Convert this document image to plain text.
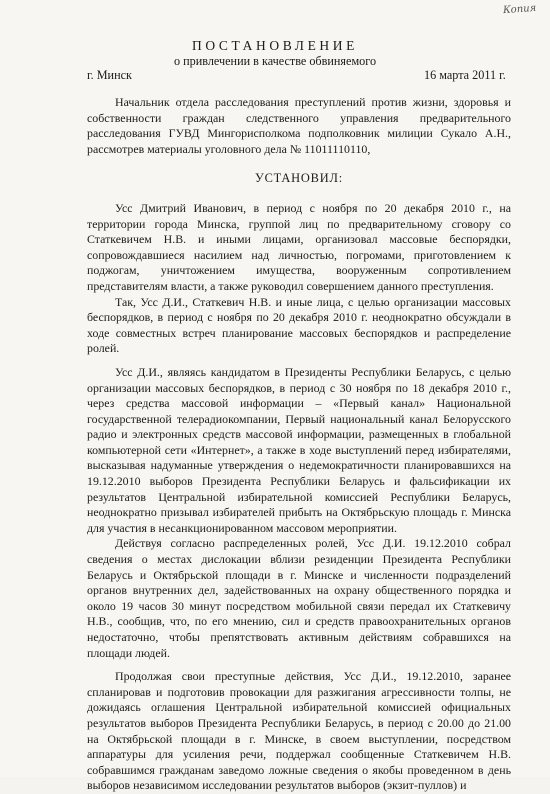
Копия
ПОСТАНОВЛЕНИЕ
о привлечении в качестве обвиняемого
г. Минск	16 марта 2011 г.

Начальник отдела расследования преступлений против жизни, здоровья и собственности граждан следственного управления предварительного расследования ГУВД Мингорисполкома подполковник милиции Сукало А.Н., рассмотрев материалы уголовного дела № 11011110110,

УСТАНОВИЛ:

Усс Дмитрий Иванович, в период с ноября по 20 декабря 2010 г., на территории города Минска, группой лиц по предварительному сговору со Статкевичем Н.В. и иными лицами, организовал массовые беспорядки, сопровождавшиеся насилием над личностью, погромами, приготовлением к поджогам, уничтожением имущества, вооруженным сопротивлением представителям власти, а также руководил совершением данного преступления.

Так, Усс Д.И., Статкевич Н.В. и иные лица, с целью организации массовых беспорядков, в период с ноября по 20 декабря 2010 г. неоднократно обсуждали в ходе совместных встреч планирование массовых беспорядков и распределение ролей.

Усс Д.И., являясь кандидатом в Президенты Республики Беларусь, с целью организации массовых беспорядков, в период с 30 ноября по 18 декабря 2010 г., через средства массовой информации – «Первый канал» Национальной государственной телерадиокомпании, Первый национальный канал Белорусского радио и электронных средств массовой информации, размещенных в глобальной компьютерной сети «Интернет», а также в ходе выступлений перед избирателями, высказывая надуманные утверждения о недемократичности планировавшихся на 19.12.2010 выборов Президента Республики Беларусь и фальсификации их результатов Центральной избирательной комиссией Республики Беларусь, неоднократно призывал избирателей прибыть на Октябрьскую площадь г. Минска для участия в несанкционированном массовом мероприятии.

Действуя согласно распределенных ролей, Усс Д.И. 19.12.2010 собрал сведения о местах дислокации вблизи резиденции Президента Республики Беларусь и Октябрьской площади в г. Минске и численности подразделений органов внутренних дел, задействованных на охрану общественного порядка и около 19 часов 30 минут посредством мобильной связи передал их Статкевичу Н.В., сообщив, что, по его мнению, сил и средств правоохранительных органов недостаточно, чтобы препятствовать активным действиям собравшихся на площади людей.

Продолжая свои преступные действия, Усс Д.И., 19.12.2010, заранее спланировав и подготовив провокации для разжигания агрессивности толпы, не дожидаясь оглашения Центральной избирательной комиссией официальных результатов выборов Президента Республики Беларусь, в период с 20.00 до 21.00 на Октябрьской площади в г. Минске, в своем выступлении, посредством аппаратуры для усиления речи, поддержал сообщенные Статкевичем Н.В. собравшимся гражданам заведомо ложные сведения о якобы проведенном в день выборов независимом исследовании результатов выборов (экзит-пуллов) и
